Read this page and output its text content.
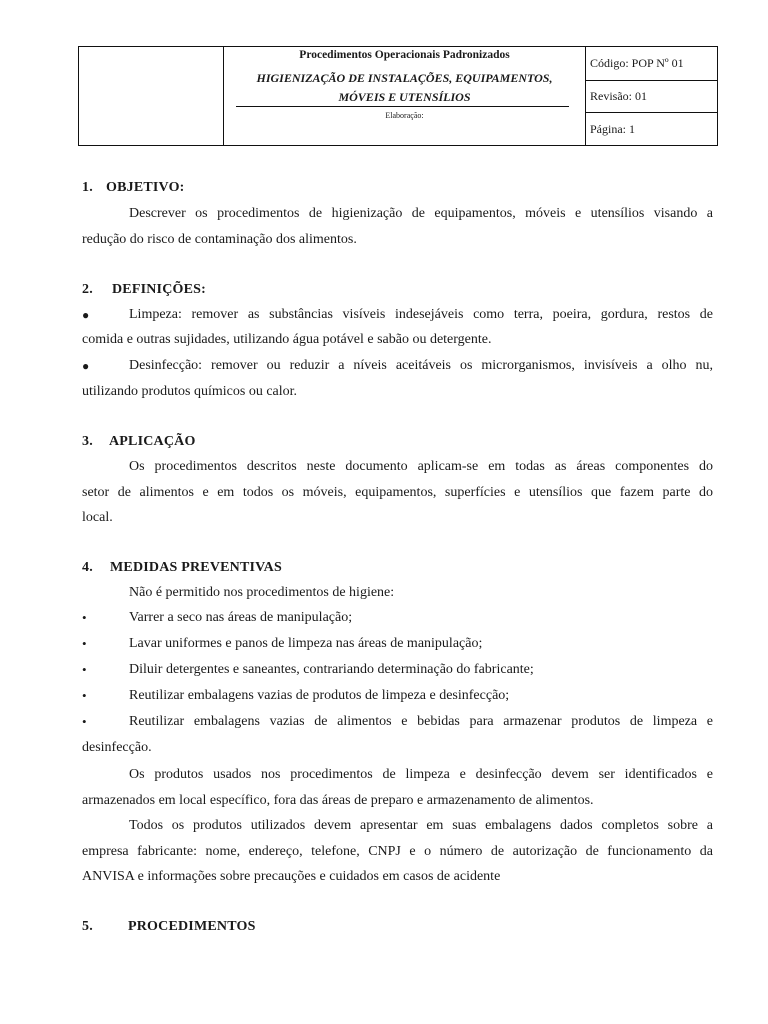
Procedimentos Operacionais Padronizados
HIGIENIZAÇÃO DE INSTALAÇÕES, EQUIPAMENTOS,
MÓVEIS E UTENSÍLIOS
Elaboração:
Código: POP Nº 01
Revisão: 01
Página: 1
1. OBJETIVO:
Descrever os procedimentos de higienização de equipamentos, móveis e utensílios visando a
redução do risco de contaminação dos alimentos.
2. DEFINIÇÕES:
●	Limpeza: remover as substâncias visíveis indesejáveis como terra, poeira, gordura, restos de
comida e outras sujidades, utilizando água potável e sabão ou detergente.
●	Desinfecção: remover ou reduzir a níveis aceitáveis os microrganismos, invisíveis a olho nu,
utilizando produtos químicos ou calor.
3. APLICAÇÃO
Os procedimentos descritos neste documento aplicam-se em todas as áreas componentes do
setor de alimentos e em todos os móveis, equipamentos, superfícies e utensílios que fazem parte do
local.
4. MEDIDAS PREVENTIVAS
Não é permitido nos procedimentos de higiene:
•	Varrer a seco nas áreas de manipulação;
•	Lavar uniformes e panos de limpeza nas áreas de manipulação;
•	Diluir detergentes e saneantes, contrariando determinação do fabricante;
•	Reutilizar embalagens vazias de produtos de limpeza e desinfecção;
•	Reutilizar embalagens vazias de alimentos e bebidas para armazenar produtos de limpeza e
desinfecção.
Os produtos usados nos procedimentos de limpeza e desinfecção devem ser identificados e
armazenados em local específico, fora das áreas de preparo e armazenamento de alimentos.
Todos os produtos utilizados devem apresentar em suas embalagens dados completos sobre a
empresa fabricante: nome, endereço, telefone, CNPJ e o número de autorização de funcionamento da
ANVISA e informações sobre precauções e cuidados em casos de acidente
5.	PROCEDIMENTOS
